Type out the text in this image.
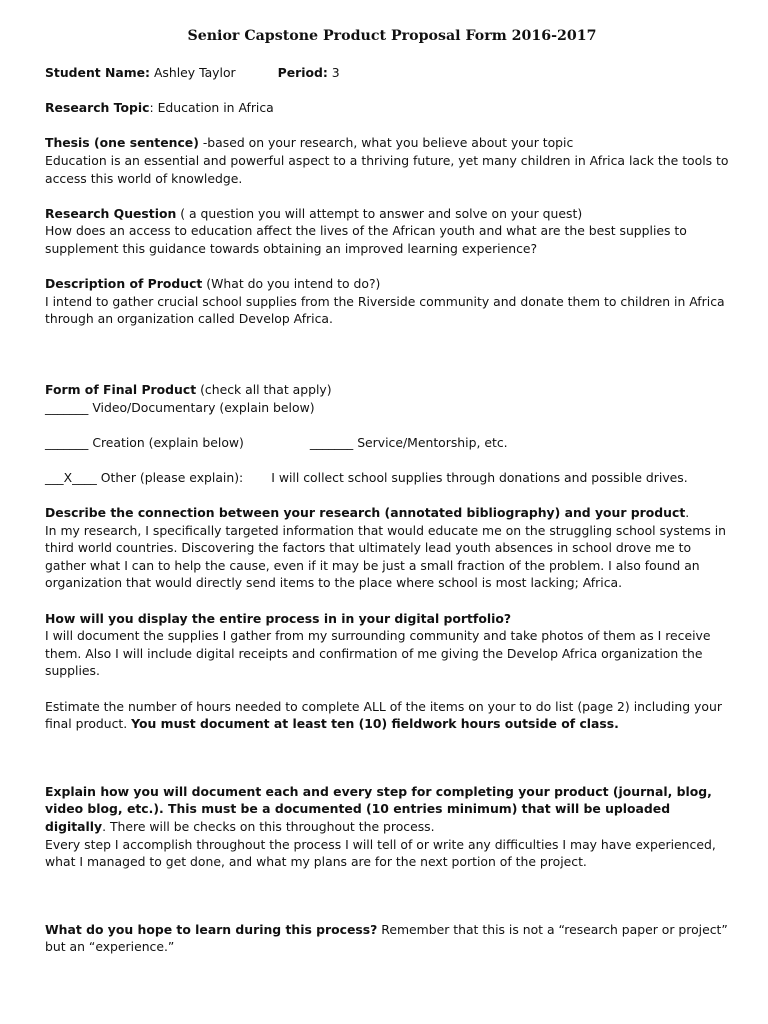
Senior Capstone Product Proposal Form 2016-2017
Student Name: Ashley Taylor	Period: 3
Research Topic: Education in Africa
Thesis (one sentence) -based on your research, what you believe about your topic
Education is an essential and powerful aspect to a thriving future, yet many children in Africa lack the tools to access this world of knowledge.
Research Question ( a question you will attempt to answer and solve on your quest)
How does an access to education affect the lives of the African youth and what are the best supplies to supplement this guidance towards obtaining an improved learning experience?
Description of Product (What do you intend to do?)
I intend to gather crucial school supplies from the Riverside community and donate them to children in Africa through an organization called Develop Africa.
Form of Final Product (check all that apply)
_______ Video/Documentary (explain below)
_______ Creation (explain below)	_______ Service/Mentorship, etc.
___X____ Other (please explain): I will collect school supplies through donations and possible drives.
Describe the connection between your research (annotated bibliography) and your product.
In my research, I specifically targeted information that would educate me on the struggling school systems in third world countries. Discovering the factors that ultimately lead youth absences in school drove me to gather what I can to help the cause, even if it may be just a small fraction of the problem. I also found an organization that would directly send items to the place where school is most lacking; Africa.
How will you display the entire process in in your digital portfolio?
I will document the supplies I gather from my surrounding community and take photos of them as I receive them. Also I will include digital receipts and confirmation of me giving the Develop Africa organization the supplies.
Estimate the number of hours needed to complete ALL of the items on your to do list (page 2) including your final product. You must document at least ten (10) fieldwork hours outside of class.
Explain how you will document each and every step for completing your product (journal, blog, video blog, etc.). This must be a documented (10 entries minimum) that will be uploaded digitally. There will be checks on this throughout the process.
Every step I accomplish throughout the process I will tell of or write any difficulties I may have experienced, what I managed to get done, and what my plans are for the next portion of the project.
What do you hope to learn during this process? Remember that this is not a “research paper or project” but an “experience.”
